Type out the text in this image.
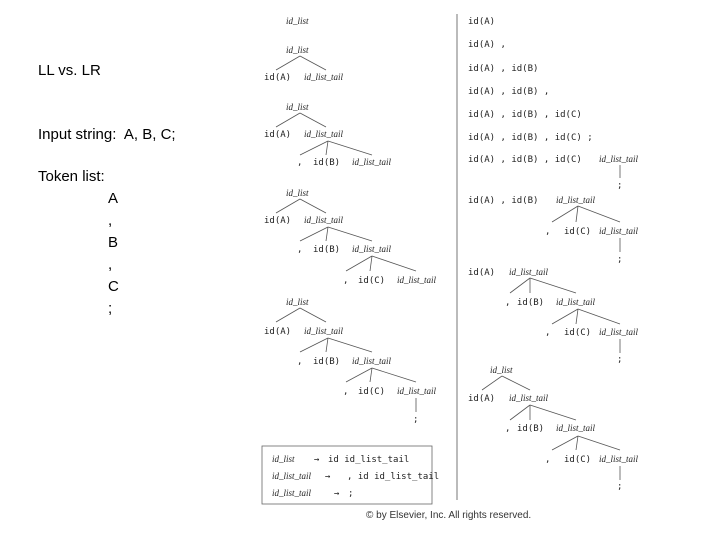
LL vs. LR
Input string: A, B, C;
Token list:
A
,
B
,
C
;
id_list
id_list
id(A) id_list_tail
id_list
id(A) id_list_tail
, id(B) id_list_tail
id_list
id(A) id_list_tail
, id(B) id_list_tail
, id(C) id_list_tail
id_list
id(A) id_list_tail
, id(B) id_list_tail
, id(C) id_list_tail
;
id(A)
id(A) ,
id(A) , id(B)
id(A) , id(B) ,
id(A) , id(B) , id(C)
id(A) , id(B) , id(C) ;
id(A) , id(B) , id(C) id_list_tail
;
id(A) , id(B) id_list_tail
, id(C) id_list_tail
;
id(A) id_list_tail
, id(B) id_list_tail
, id(C) id_list_tail
;
id_list
id(A) id_list_tail
, id(B) id_list_tail
, id(C) id_list_tail
;
id_list → id id_list_tail
id_list_tail → , id id_list_tail
id_list_tail	→ ;
© by Elsevier, Inc. All rights reserved.
